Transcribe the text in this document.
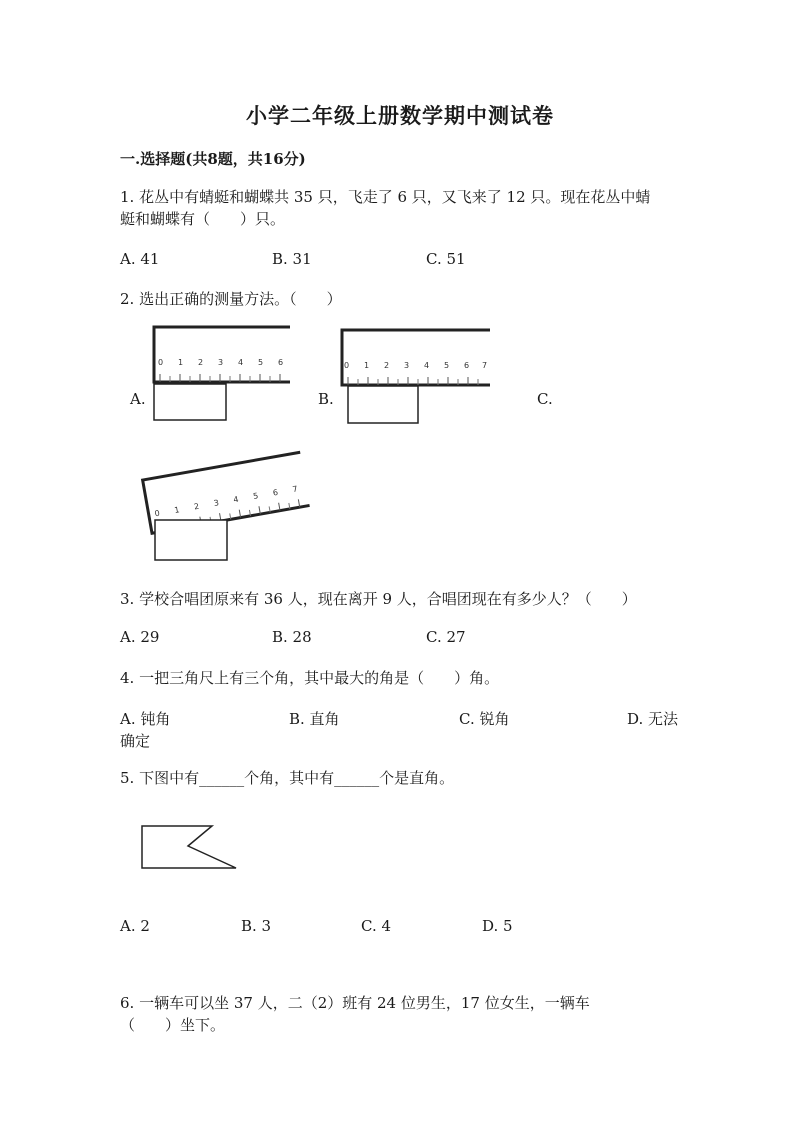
小学二年级上册数学期中测试卷
一.选择题(共8题，共16分)
1. 花丛中有蜻蜓和蝴蝶共 35 只，飞走了 6 只，又飞来了 12 只。现在花丛中蜻
蜓和蝴蝶有（　　）只。
A. 41	B. 31	C. 51
2. 选出正确的测量方法。（　　）
0 1 2 3 4 5 6
A.
0 1 2 3 4 5 6 7
B.	C.
0 1 2 3 4 5 6 7
3. 学校合唱团原来有 36 人，现在离开 9 人，合唱团现在有多少人？（　　）
A. 29	B. 28	C. 27
4. 一把三角尺上有三个角，其中最大的角是（　　）角。
A. 钝角	B. 直角	C. 锐角	D. 无法
确定
5. 下图中有______个角，其中有______个是直角。
A. 2	B. 3	C. 4	D. 5
6. 一辆车可以坐 37 人，二（2）班有 24 位男生，17 位女生，一辆车
（　　）坐下。
